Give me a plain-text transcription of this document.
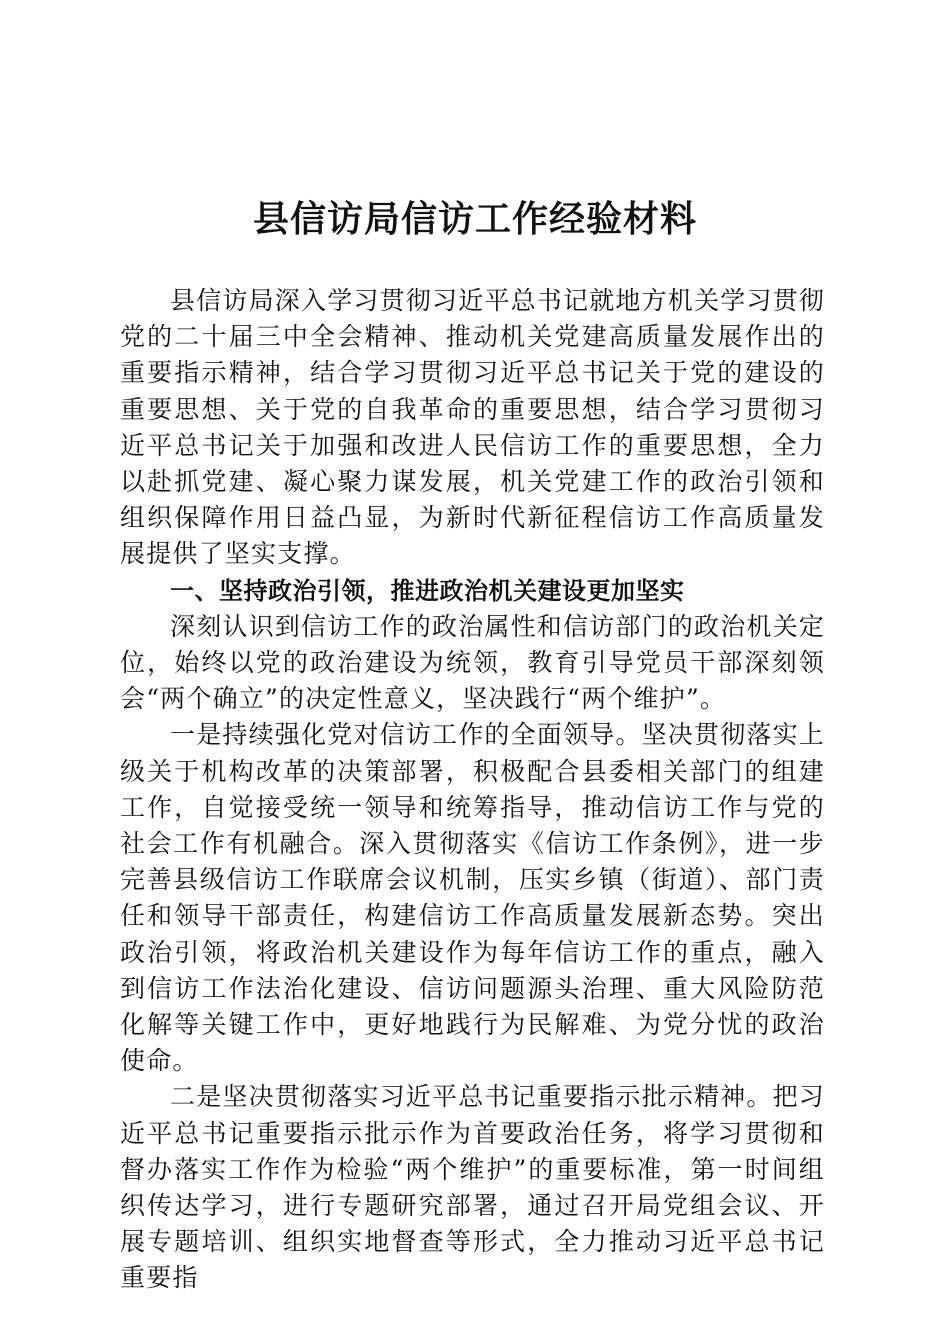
县信访局信访工作经验材料

县信访局深入学习贯彻习近平总书记就地方机关学习贯彻党的二十届三中全会精神、推动机关党建高质量发展作出的重要指示精神，结合学习贯彻习近平总书记关于党的建设的重要思想、关于党的自我革命的重要思想，结合学习贯彻习近平总书记关于加强和改进人民信访工作的重要思想，全力以赴抓党建、凝心聚力谋发展，机关党建工作的政治引领和组织保障作用日益凸显，为新时代新征程信访工作高质量发展提供了坚实支撑。

一、坚持政治引领，推进政治机关建设更加坚实

深刻认识到信访工作的政治属性和信访部门的政治机关定位，始终以党的政治建设为统领，教育引导党员干部深刻领会“两个确立”的决定性意义，坚决践行“两个维护”。

一是持续强化党对信访工作的全面领导。坚决贯彻落实上级关于机构改革的决策部署，积极配合县委相关部门的组建工作，自觉接受统一领导和统筹指导，推动信访工作与党的社会工作有机融合。深入贯彻落实《信访工作条例》，进一步完善县级信访工作联席会议机制，压实乡镇（街道）、部门责任和领导干部责任，构建信访工作高质量发展新态势。突出政治引领，将政治机关建设作为每年信访工作的重点，融入到信访工作法治化建设、信访问题源头治理、重大风险防范化解等关键工作中，更好地践行为民解难、为党分忧的政治使命。

二是坚决贯彻落实习近平总书记重要指示批示精神。把习近平总书记重要指示批示作为首要政治任务，将学习贯彻和督办落实工作作为检验“两个维护”的重要标准，第一时间组织传达学习，进行专题研究部署，通过召开局党组会议、开展专题培训、组织实地督查等形式，全力推动习近平总书记重要指
